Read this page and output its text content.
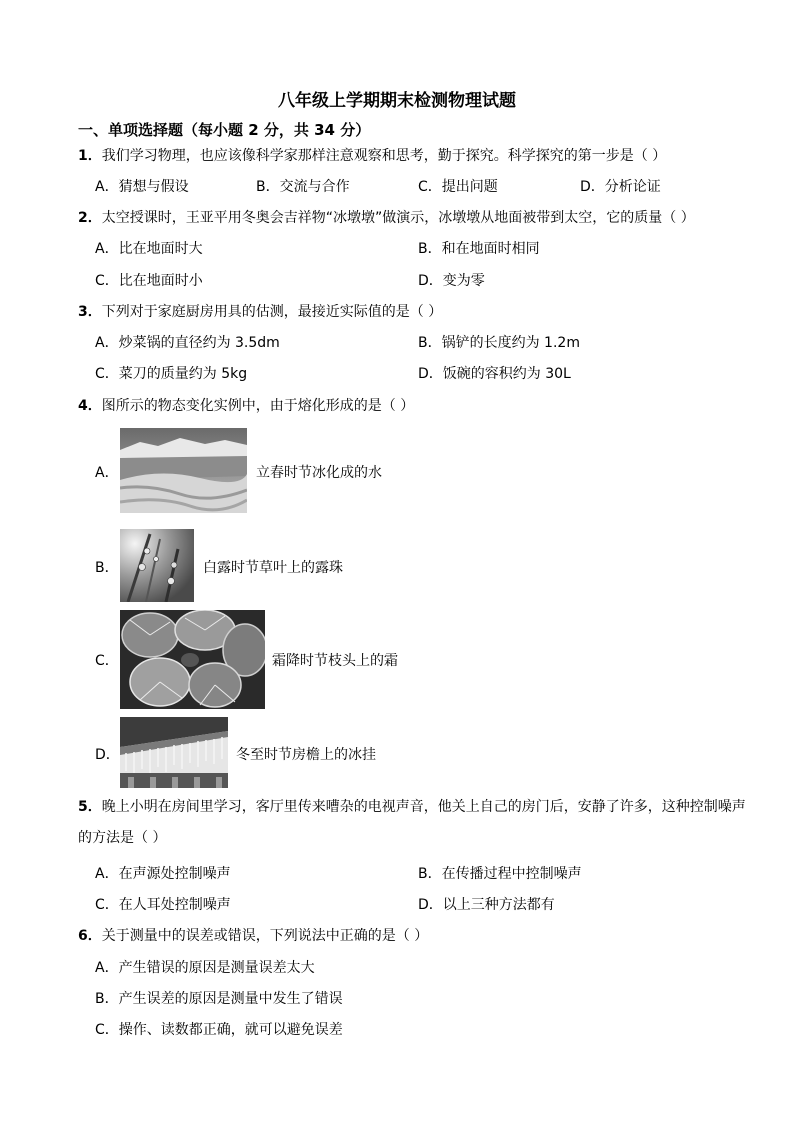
八年级上学期期末检测物理试题
一、单项选择题（每小题 2 分，共 34 分）
1．我们学习物理，也应该像科学家那样注意观察和思考，勤于探究。科学探究的第一步是（ ）
A．猜想与假设	B．交流与合作	C．提出问题	D．分析论证
2．太空授课时，王亚平用冬奥会吉祥物“冰墩墩”做演示，冰墩墩从地面被带到太空，它的质量（ ）
A．比在地面时大	B．和在地面时相同
C．比在地面时小	D．变为零
3．下列对于家庭厨房用具的估测，最接近实际值的是（ ）
A．炒菜锅的直径约为 3.5dm	B．锅铲的长度约为 1.2m
C．菜刀的质量约为 5kg	D．饭碗的容积约为 30L
4．图所示的物态变化实例中，由于熔化形成的是（ ）
A．	立春时节冰化成的水
B．	白露时节草叶上的露珠
C．	霜降时节枝头上的霜
D．	冬至时节房檐上的冰挂
5．晚上小明在房间里学习，客厅里传来嘈杂的电视声音，他关上自己的房门后，安静了许多，这种控制噪声的方法是（ ）
A．在声源处控制噪声	B．在传播过程中控制噪声
C．在人耳处控制噪声	D．以上三种方法都有
6．关于测量中的误差或错误，下列说法中正确的是（ ）
A．产生错误的原因是测量误差太大
B．产生误差的原因是测量中发生了错误
C．操作、读数都正确，就可以避免误差
